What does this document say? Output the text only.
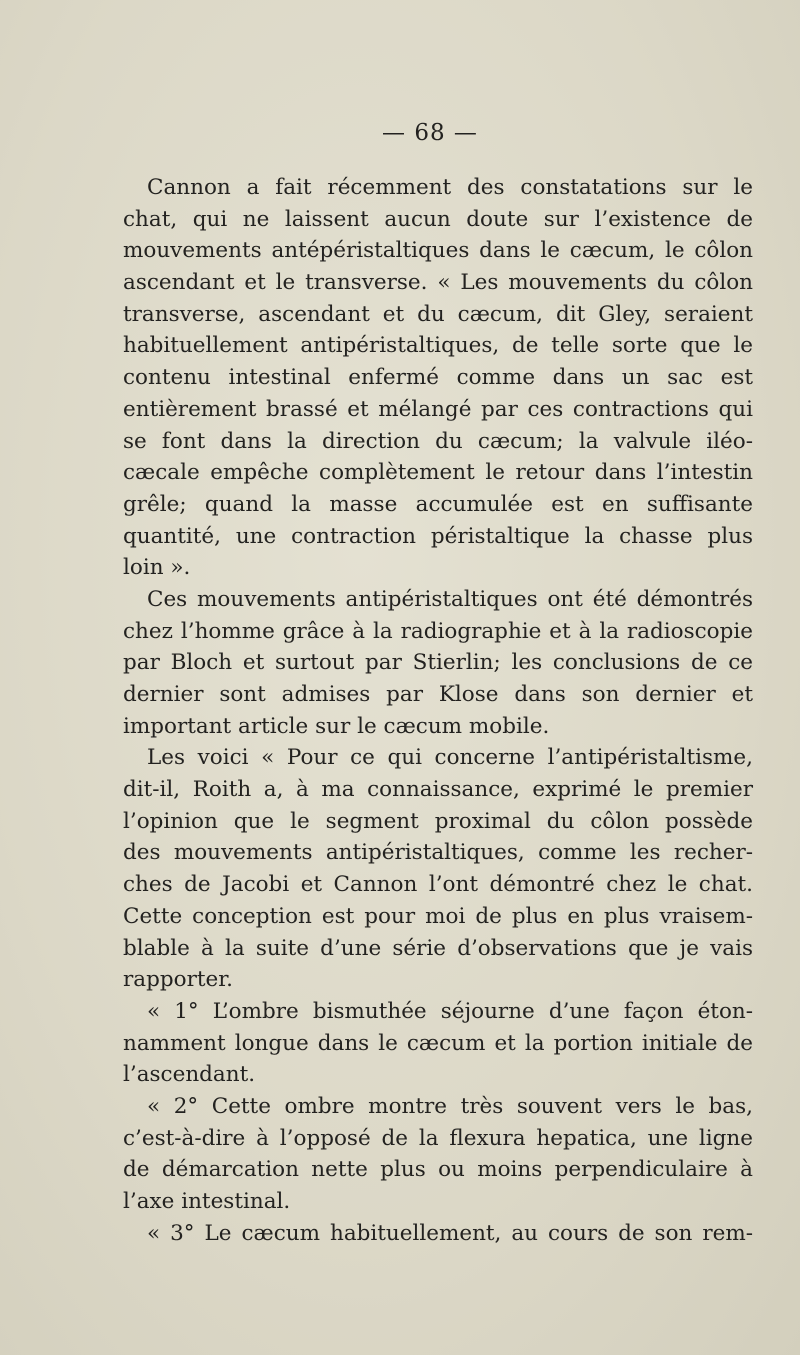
— 68 —
Cannon a fait récemment des constatations sur le
chat, qui ne laissent aucun doute sur l’existence de
mouvements antépéristaltiques dans le cæcum, le côlon
ascendant et le transverse. « Les mouvements du côlon
transverse, ascendant et du cæcum, dit Gley, seraient
habituellement antipéristaltiques, de telle sorte que le
contenu intestinal enfermé comme dans un sac est
entièrement brassé et mélangé par ces contractions qui
se font dans la direction du cæcum; la valvule iléo-
cæcale empêche complètement le retour dans l’intestin
grêle; quand la masse accumulée est en suffisante
quantité, une contraction péristaltique la chasse plus
loin ».
Ces mouvements antipéristaltiques ont été démontrés
chez l’homme grâce à la radiographie et à la radioscopie
par Bloch et surtout par Stierlin; les conclusions de ce
dernier sont admises par Klose dans son dernier et
important article sur le cæcum mobile.
Les voici « Pour ce qui concerne l’antipéristaltisme,
dit-il, Roith a, à ma connaissance, exprimé le premier
l’opinion que le segment proximal du côlon possède
des mouvements antipéristaltiques, comme les recher-
ches de Jacobi et Cannon l’ont démontré chez le chat.
Cette conception est pour moi de plus en plus vraisem-
blable à la suite d’une série d’observations que je vais
rapporter.
« 1° L’ombre bismuthée séjourne d’une façon éton-
namment longue dans le cæcum et la portion initiale de
l’ascendant.
« 2° Cette ombre montre très souvent vers le bas,
c’est-à-dire à l’opposé de la flexura hepatica, une ligne
de démarcation nette plus ou moins perpendiculaire à
l’axe intestinal.
« 3° Le cæcum habituellement, au cours de son rem-
